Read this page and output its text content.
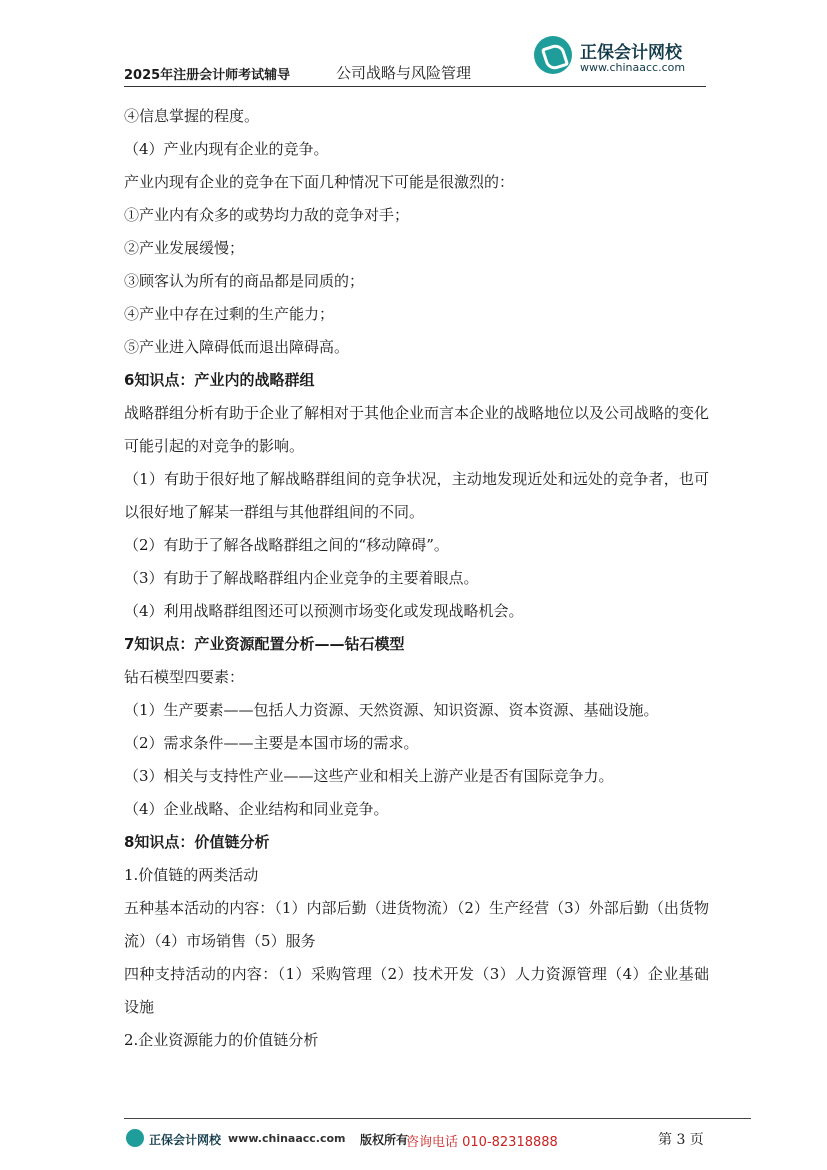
2025年注册会计师考试辅导	公司战略与风险管理
正保会计网校
www.chinaacc.com

④信息掌握的程度。

（4）产业内现有企业的竞争。

产业内现有企业的竞争在下面几种情况下可能是很激烈的：

①产业内有众多的或势均力敌的竞争对手；

②产业发展缓慢；

③顾客认为所有的商品都是同质的；

④产业中存在过剩的生产能力；

⑤产业进入障碍低而退出障碍高。

6知识点：产业内的战略群组

战略群组分析有助于企业了解相对于其他企业而言本企业的战略地位以及公司战略的变化可能引起的对竞争的影响。

（1）有助于很好地了解战略群组间的竞争状况，主动地发现近处和远处的竞争者，也可以很好地了解某一群组与其他群组间的不同。

（2）有助于了解各战略群组之间的“移动障碍”。

（3）有助于了解战略群组内企业竞争的主要着眼点。

（4）利用战略群组图还可以预测市场变化或发现战略机会。

7知识点：产业资源配置分析——钻石模型

钻石模型四要素：

（1）生产要素——包括人力资源、天然资源、知识资源、资本资源、基础设施。

（2）需求条件——主要是本国市场的需求。

（3）相关与支持性产业——这些产业和相关上游产业是否有国际竞争力。

（4）企业战略、企业结构和同业竞争。

8知识点：价值链分析

1.价值链的两类活动

五种基本活动的内容：（1）内部后勤（进货物流）（2）生产经营（3）外部后勤（出货物流）（4）市场销售（5）服务

四种支持活动的内容：（1）采购管理（2）技术开发（3）人力资源管理（4）企业基础设施

2.企业资源能力的价值链分析

正保会计网校 www.chinaacc.com 版权所有
咨询电话 010-82318888	第 3 页
